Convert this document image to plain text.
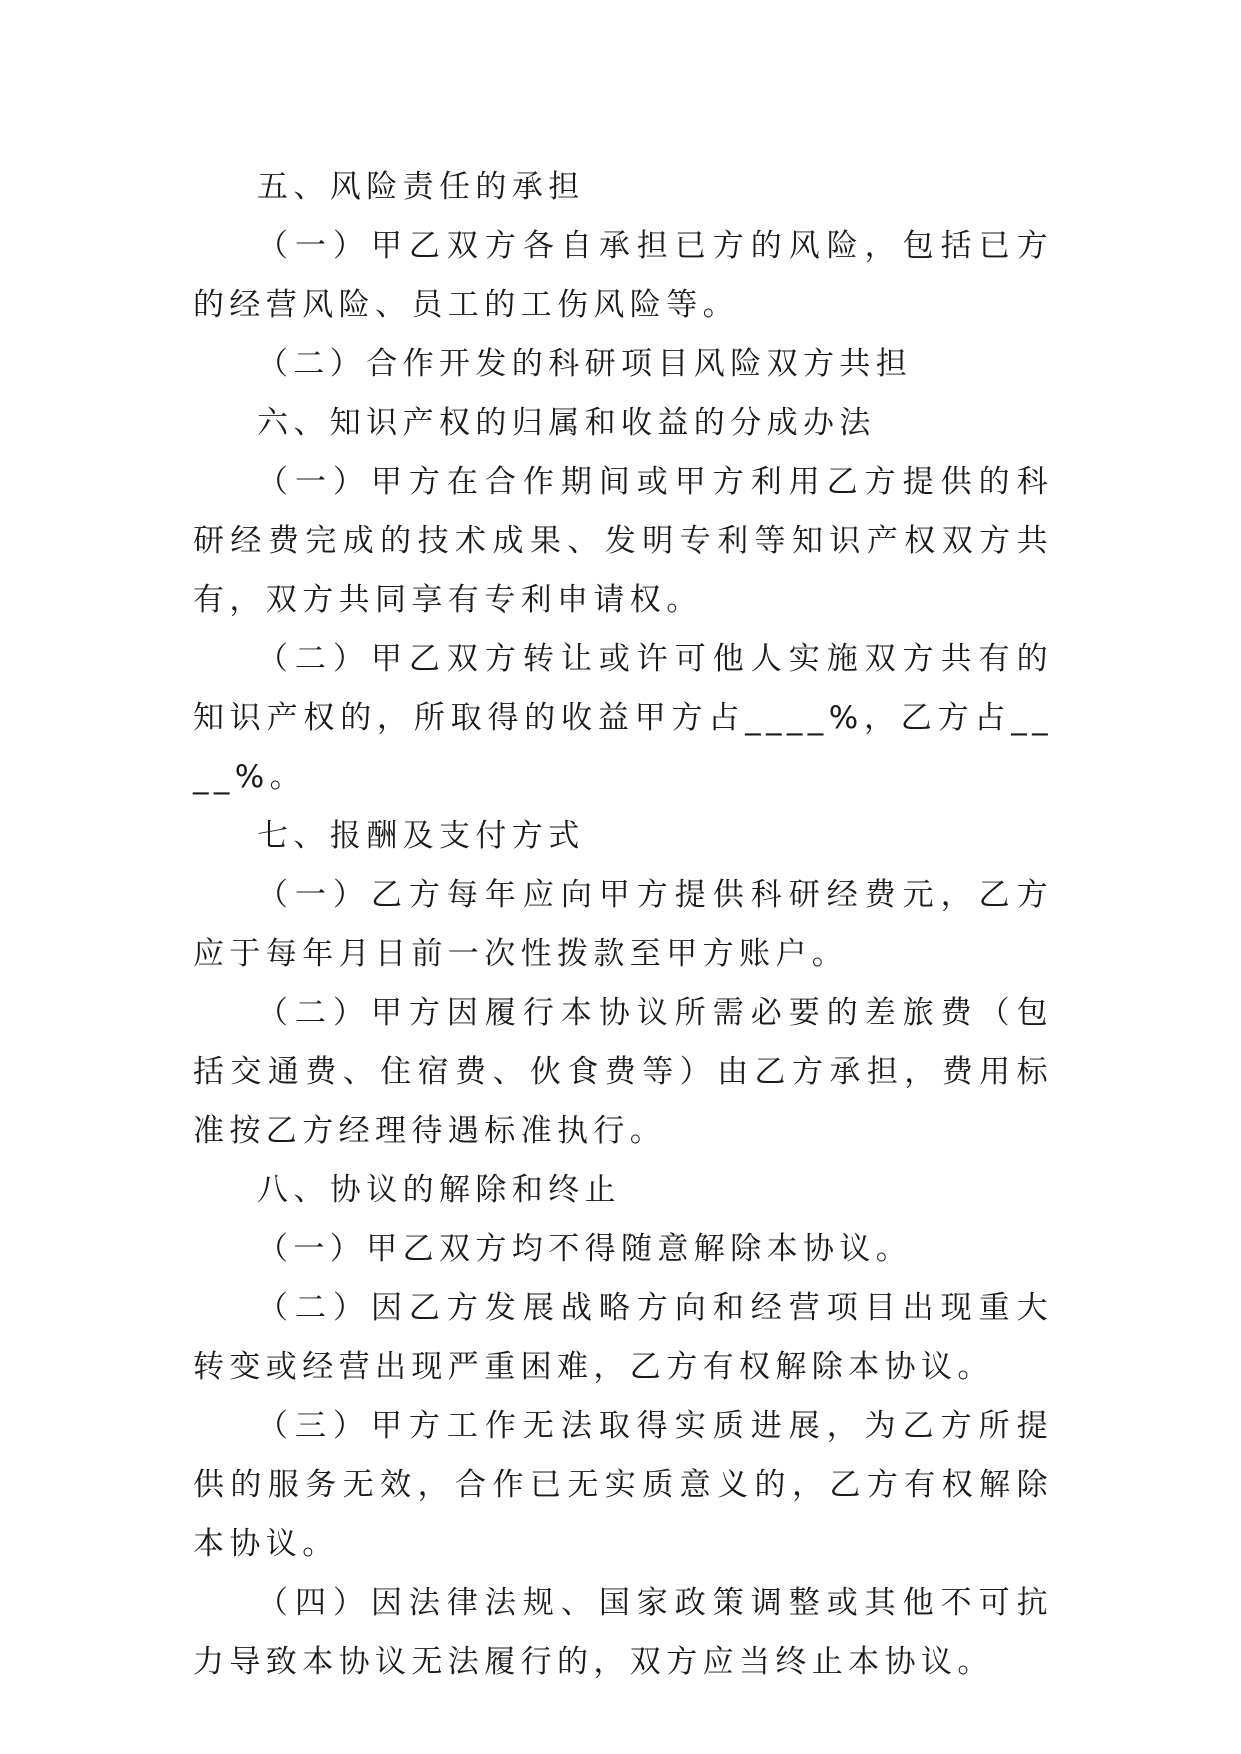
五、风险责任的承担

（一）甲乙双方各自承担已方的风险，包括已方的经营风险、员工的工伤风险等。

（二）合作开发的科研项目风险双方共担

六、知识产权的归属和收益的分成办法

（一）甲方在合作期间或甲方利用乙方提供的科研经费完成的技术成果、发明专利等知识产权双方共有，双方共同享有专利申请权。

（二）甲乙双方转让或许可他人实施双方共有的知识产权的，所取得的收益甲方占____%，乙方占____%。

七、报酬及支付方式

（一）乙方每年应向甲方提供科研经费元，乙方应于每年月日前一次性拨款至甲方账户。

（二）甲方因履行本协议所需必要的差旅费（包括交通费、住宿费、伙食费等）由乙方承担，费用标准按乙方经理待遇标准执行。

八、协议的解除和终止

（一）甲乙双方均不得随意解除本协议。

（二）因乙方发展战略方向和经营项目出现重大转变或经营出现严重困难，乙方有权解除本协议。

（三）甲方工作无法取得实质进展，为乙方所提供的服务无效，合作已无实质意义的，乙方有权解除本协议。

（四）因法律法规、国家政策调整或其他不可抗力导致本协议无法履行的，双方应当终止本协议。
